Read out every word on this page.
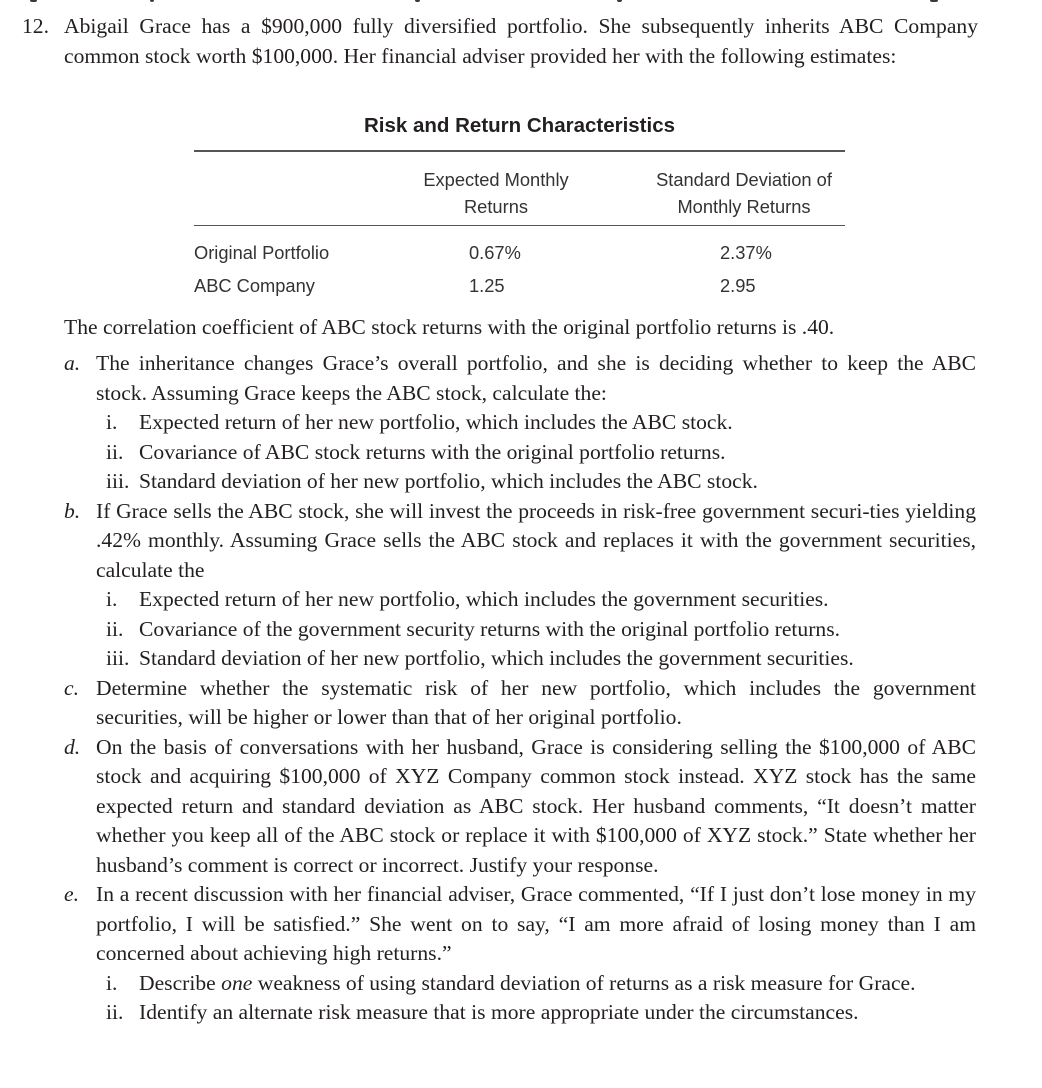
12. Abigail Grace has a $900,000 fully diversified portfolio. She subsequently inherits ABC Company common stock worth $100,000. Her financial adviser provided her with the following estimates:
Risk and Return Characteristics
Expected Monthly
Returns
Standard Deviation of
Monthly Returns
Original Portfolio	0.67%	2.37%
ABC Company	1.25	2.95
The correlation coefficient of ABC stock returns with the original portfolio returns is .40.
a. The inheritance changes Grace’s overall portfolio, and she is deciding whether to keep the ABC stock. Assuming Grace keeps the ABC stock, calculate the:
i. Expected return of her new portfolio, which includes the ABC stock.
ii. Covariance of ABC stock returns with the original portfolio returns.
iii. Standard deviation of her new portfolio, which includes the ABC stock.
b. If Grace sells the ABC stock, she will invest the proceeds in risk-free government securi-ties yielding .42% monthly. Assuming Grace sells the ABC stock and replaces it with the government securities, calculate the
i. Expected return of her new portfolio, which includes the government securities.
ii. Covariance of the government security returns with the original portfolio returns.
iii. Standard deviation of her new portfolio, which includes the government securities.
c. Determine whether the systematic risk of her new portfolio, which includes the government securities, will be higher or lower than that of her original portfolio.
d. On the basis of conversations with her husband, Grace is considering selling the $100,000 of ABC stock and acquiring $100,000 of XYZ Company common stock instead. XYZ stock has the same expected return and standard deviation as ABC stock. Her husband comments, “It doesn’t matter whether you keep all of the ABC stock or replace it with $100,000 of XYZ stock.” State whether her husband’s comment is correct or incorrect. Justify your response.
e. In a recent discussion with her financial adviser, Grace commented, “If I just don’t lose money in my portfolio, I will be satisfied.” She went on to say, “I am more afraid of losing money than I am concerned about achieving high returns.”
i. Describe one weakness of using standard deviation of returns as a risk measure for Grace.
ii. Identify an alternate risk measure that is more appropriate under the circumstances.
